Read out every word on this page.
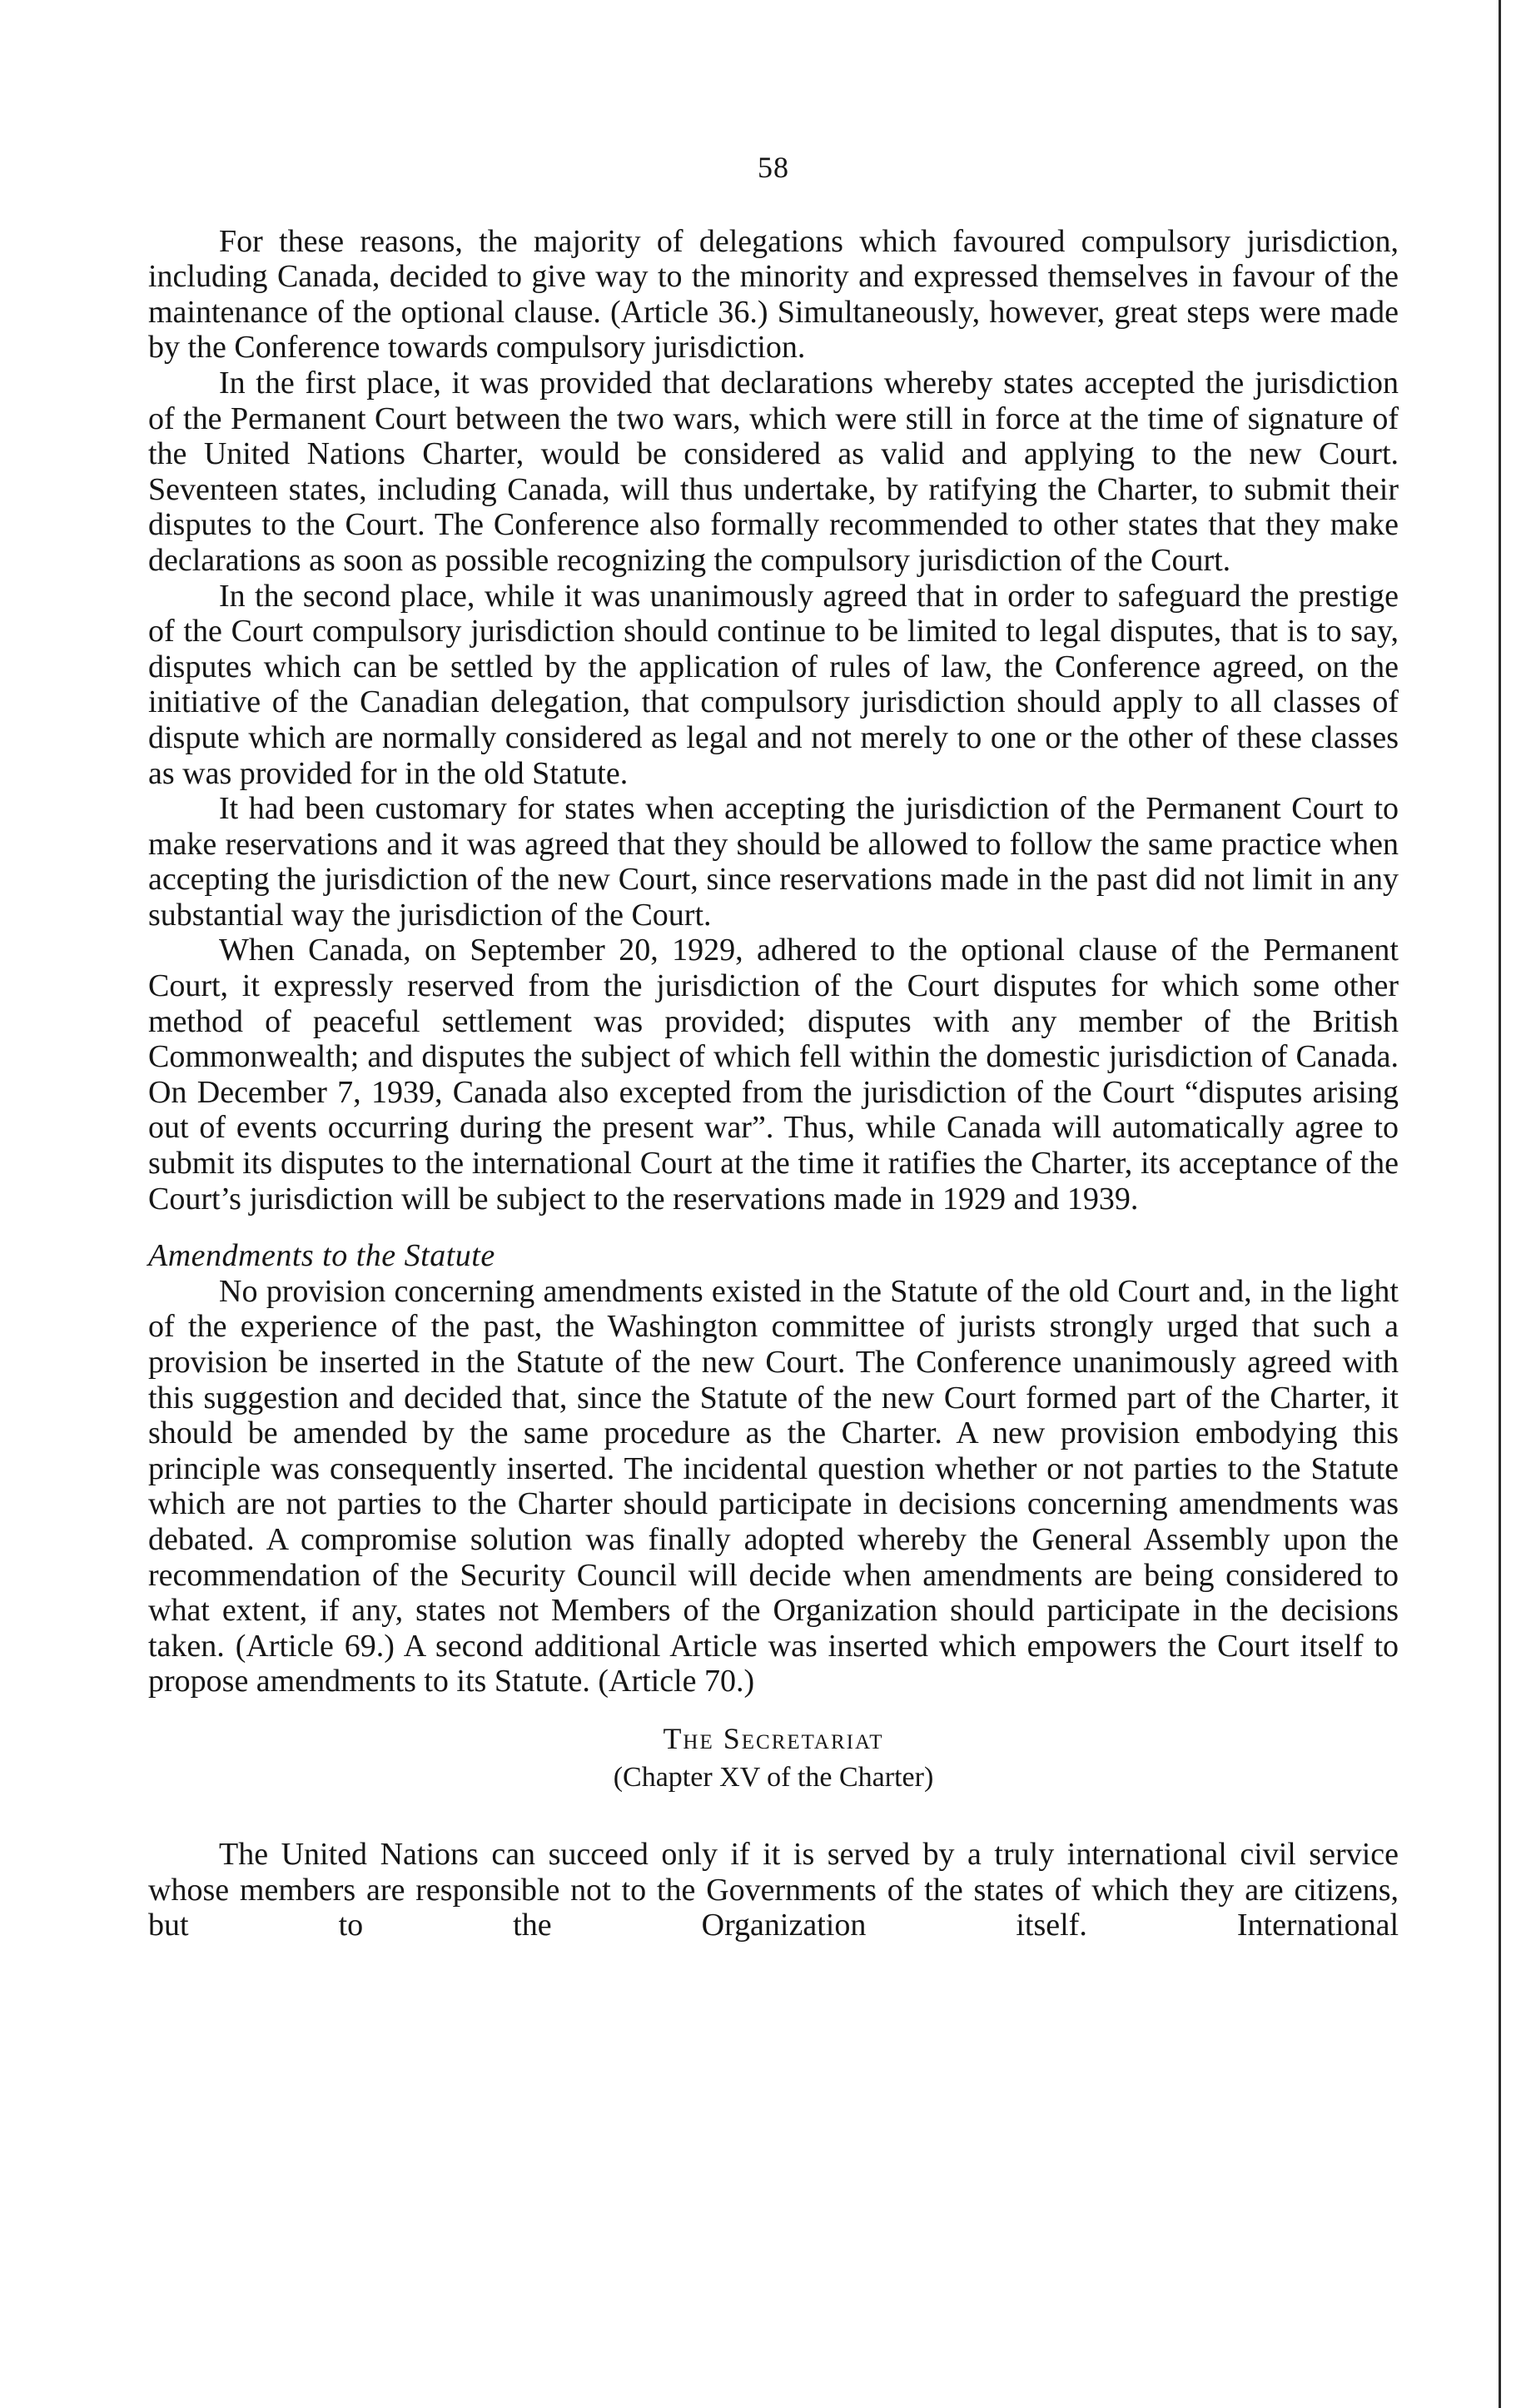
58

For these reasons, the majority of delegations which favoured compulsory jurisdiction, including Canada, decided to give way to the minority and expressed themselves in favour of the maintenance of the optional clause. (Article 36.) Simultaneously, however, great steps were made by the Conference towards compulsory jurisdiction.

In the first place, it was provided that declarations whereby states accepted the jurisdiction of the Permanent Court between the two wars, which were still in force at the time of signature of the United Nations Charter, would be considered as valid and applying to the new Court. Seventeen states, including Canada, will thus undertake, by ratifying the Charter, to submit their disputes to the Court. The Conference also formally recommended to other states that they make declarations as soon as possible recognizing the compulsory jurisdiction of the Court.

In the second place, while it was unanimously agreed that in order to safeguard the prestige of the Court compulsory jurisdiction should continue to be limited to legal disputes, that is to say, disputes which can be settled by the application of rules of law, the Conference agreed, on the initiative of the Canadian delegation, that compulsory jurisdiction should apply to all classes of dispute which are normally considered as legal and not merely to one or the other of these classes as was provided for in the old Statute.

It had been customary for states when accepting the jurisdiction of the Permanent Court to make reservations and it was agreed that they should be allowed to follow the same practice when accepting the jurisdiction of the new Court, since reservations made in the past did not limit in any substantial way the jurisdiction of the Court.

When Canada, on September 20, 1929, adhered to the optional clause of the Permanent Court, it expressly reserved from the jurisdiction of the Court disputes for which some other method of peaceful settlement was provided; disputes with any member of the British Commonwealth; and disputes the subject of which fell within the domestic jurisdiction of Canada. On December 7, 1939, Canada also excepted from the jurisdiction of the Court “disputes arising out of events occurring during the present war”. Thus, while Canada will automatically agree to submit its disputes to the international Court at the time it ratifies the Charter, its acceptance of the Court’s jurisdiction will be subject to the reservations made in 1929 and 1939.

Amendments to the Statute

No provision concerning amendments existed in the Statute of the old Court and, in the light of the experience of the past, the Washington committee of jurists strongly urged that such a provision be inserted in the Statute of the new Court. The Conference unanimously agreed with this suggestion and decided that, since the Statute of the new Court formed part of the Charter, it should be amended by the same procedure as the Charter. A new provision embodying this principle was consequently inserted. The incidental question whether or not parties to the Statute which are not parties to the Charter should participate in decisions concerning amendments was debated. A compromise solution was finally adopted whereby the General Assembly upon the recommendation of the Security Council will decide when amendments are being considered to what extent, if any, states not Members of the Organization should participate in the decisions taken. (Article 69.) A second additional Article was inserted which empowers the Court itself to propose amendments to its Statute. (Article 70.)

The Secretariat
(Chapter XV of the Charter)

The United Nations can succeed only if it is served by a truly international civil service whose members are responsible not to the Governments of the states of which they are citizens, but to the Organization itself. International
